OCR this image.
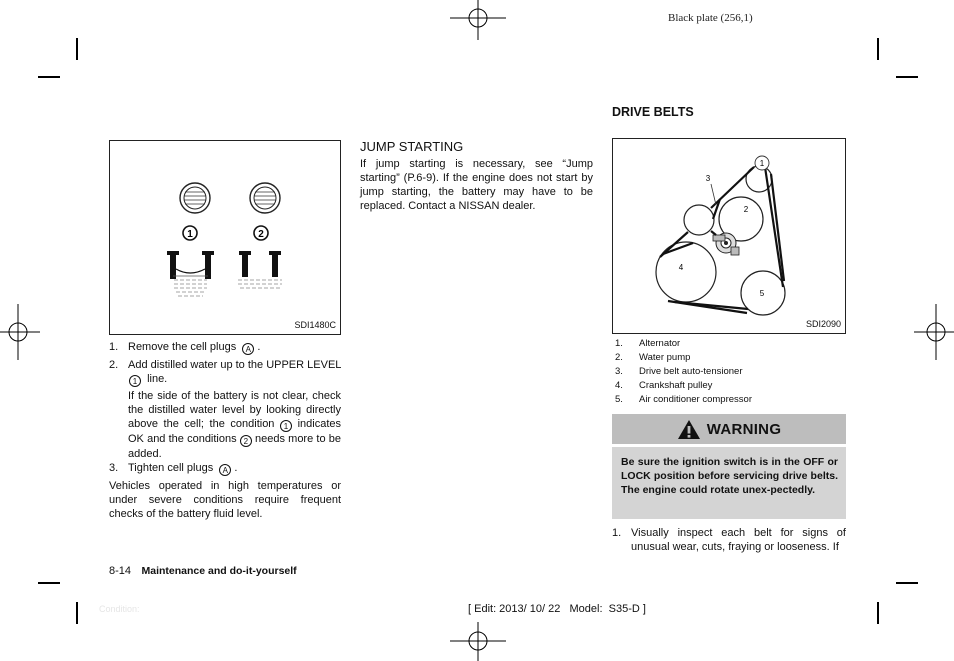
Black plate (256,1)
1	2
SDI1480C
1. Remove the cell plugs A .
2. Add distilled water up to the UPPER LEVEL
1 line.
If the side of the battery is not clear, check the distilled water level by looking directly above the cell; the condition 1 indicates OK and the conditions 2 needs more to be added.
3. Tighten cell plugs A .
Vehicles operated in high temperatures or under severe conditions require frequent checks of the battery fluid level.
JUMP STARTING
If jump starting is necessary, see “Jump starting” (P.6-9). If the engine does not start by jump starting, the battery may have to be replaced. Contact a NISSAN dealer.
DRIVE BELTS
1
2
3
4
5
SDI2090
1. Alternator
2. Water pump
3. Drive belt auto-tensioner
4. Crankshaft pulley
5. Air conditioner compressor
WARNING
Be sure the ignition switch is in the OFF or LOCK position before servicing drive belts. The engine could rotate unex-pectedly.
1. Visually inspect each belt for signs of unusual wear, cuts, fraying or looseness. If
8-14 Maintenance and do-it-yourself
Condition:	[ Edit: 2013/ 10/ 22   Model:  S35-D ]
